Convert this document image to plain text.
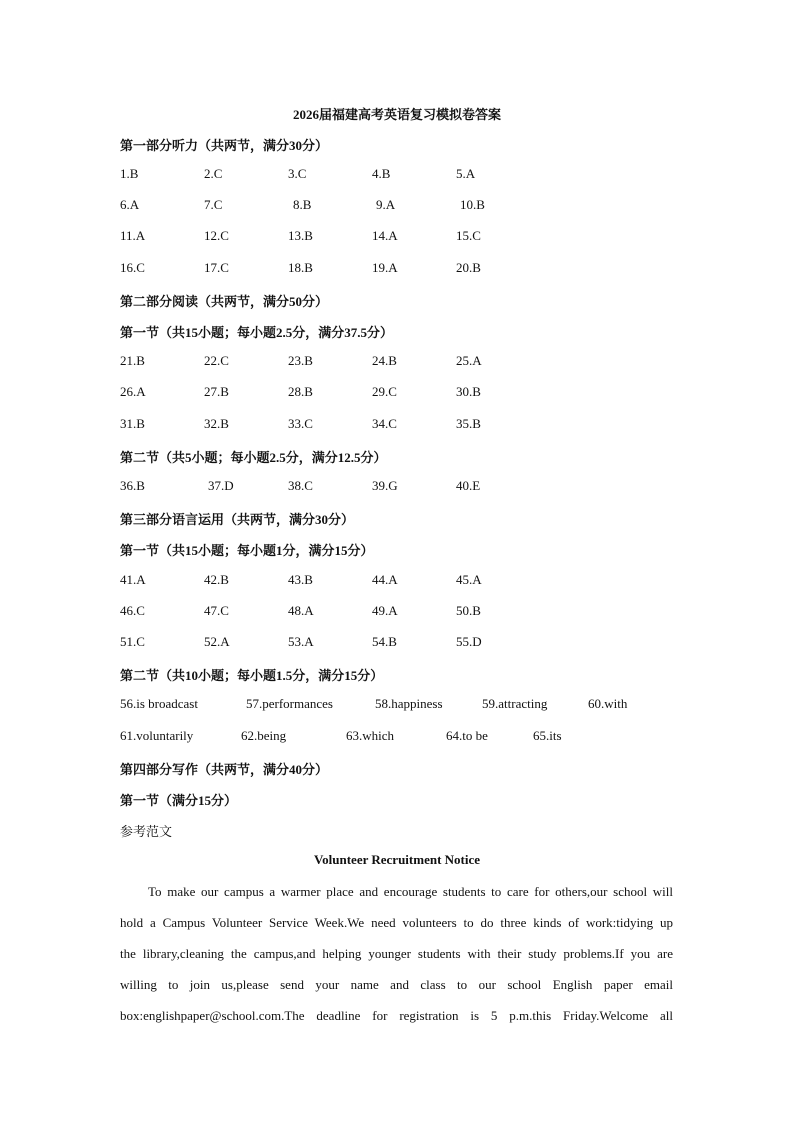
2026届福建高考英语复习模拟卷答案
第一部分听力（共两节，满分30分）
1.B	2.C	3.C	4.B	5.A
6.A	7.C	8.B	9.A	10.B
11.A	12.C	13.B	14.A	15.C
16.C	17.C	18.B	19.A	20.B
第二部分阅读（共两节，满分50分）
第一节（共15小题；每小题2.5分，满分37.5分）
21.B	22.C	23.B	24.B	25.A
26.A	27.B	28.B	29.C	30.B
31.B	32.B	33.C	34.C	35.B
第二节（共5小题；每小题2.5分，满分12.5分）
36.B	37.D	38.C	39.G	40.E
第三部分语言运用（共两节，满分30分）
第一节（共15小题；每小题1分，满分15分）
41.A	42.B	43.B	44.A	45.A
46.C	47.C	48.A	49.A	50.B
51.C	52.A	53.A	54.B	55.D
第二节（共10小题；每小题1.5分，满分15分）
56.is broadcast	57.performances	58.happiness	59.attracting	60.with
61.voluntarily	62.being	63.which	64.to be	65.its
第四部分写作（共两节，满分40分）
第一节（满分15分）
参考范文
Volunteer Recruitment Notice
To make our campus a warmer place and encourage students to care for others,our school will
hold a Campus Volunteer Service Week.We need volunteers to do three kinds of work:tidying up
the library,cleaning the campus,and helping younger students with their study problems.If you are
willing to join us,please send your name and class to our school English paper email
box:englishpaper@school.com.The deadline for registration is 5 p.m.this Friday.Welcome all
